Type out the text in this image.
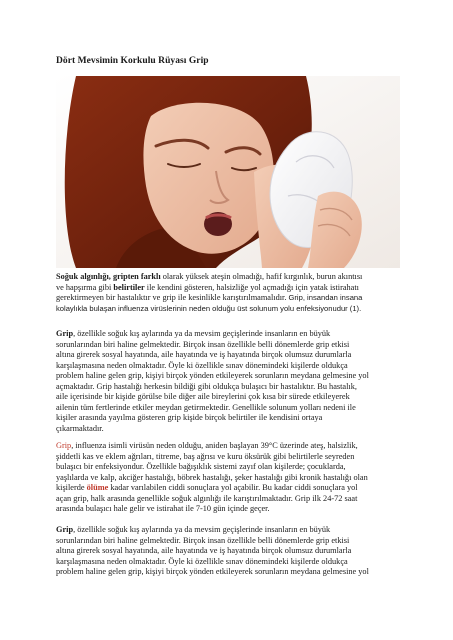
Dört Mevsimin Korkulu Rüyası Grip
Soğuk algınlığı, gripten farklı olarak yüksek ateşin olmadığı, hafif kırgınlık, burun akıntısı
ve hapşırma gibi belirtiler ile kendini gösteren, halsizliğe yol açmadığı için yatak istirahatı
gerektirmeyen bir hastalıktır ve grip ile kesinlikle karıştırılmamalıdır. Grip, insandan insana
kolaylıkla bulaşan influenza virüslerinin neden olduğu üst solunum yolu enfeksiyonudur (1).
Grip, özellikle soğuk kış aylarında ya da mevsim geçişlerinde insanların en büyük
sorunlarından biri haline gelmektedir. Birçok insan özellikle belli dönemlerde grip etkisi
altına girerek sosyal hayatında, aile hayatında ve iş hayatında birçok olumsuz durumlarla
karşılaşmasına neden olmaktadır. Öyle ki özellikle sınav dönemindeki kişilerde oldukça
problem haline gelen grip, kişiyi birçok yönden etkileyerek sorunların meydana gelmesine yol
açmaktadır. Grip hastalığı herkesin bildiği gibi oldukça bulaşıcı bir hastalıktır. Bu hastalık,
aile içerisinde bir kişide görülse bile diğer aile bireylerini çok kısa bir sürede etkileyerek
ailenin tüm fertlerinde etkiler meydan getirmektedir. Genellikle solunum yolları nedeni ile
kişiler arasında yayılma gösteren grip kişide birçok belirtiler ile kendisini ortaya
çıkarmaktadır.
Grip, influenza isimli virüsün neden olduğu, aniden başlayan 39°C üzerinde ateş, halsizlik,
şiddetli kas ve eklem ağrıları, titreme, baş ağrısı ve kuru öksürük gibi belirtilerle seyreden
bulaşıcı bir enfeksiyondur. Özellikle bağışıklık sistemi zayıf olan kişilerde; çocuklarda,
yaşlılarda ve kalp, akciğer hastalığı, böbrek hastalığı, şeker hastalığı gibi kronik hastalığı olan
kişilerde ölüme kadar varılabilen ciddi sonuçlara yol açabilir. Bu kadar ciddi sonuçlara yol
açan grip, halk arasında genellikle soğuk algınlığı ile karıştırılmaktadır. Grip ilk 24-72 saat
arasında bulaşıcı hale gelir ve istirahat ile 7-10 gün içinde geçer.
Grip, özellikle soğuk kış aylarında ya da mevsim geçişlerinde insanların en büyük
sorunlarından biri haline gelmektedir. Birçok insan özellikle belli dönemlerde grip etkisi
altına girerek sosyal hayatında, aile hayatında ve iş hayatında birçok olumsuz durumlarla
karşılaşmasına neden olmaktadır. Öyle ki özellikle sınav dönemindeki kişilerde oldukça
problem haline gelen grip, kişiyi birçok yönden etkileyerek sorunların meydana gelmesine yol
